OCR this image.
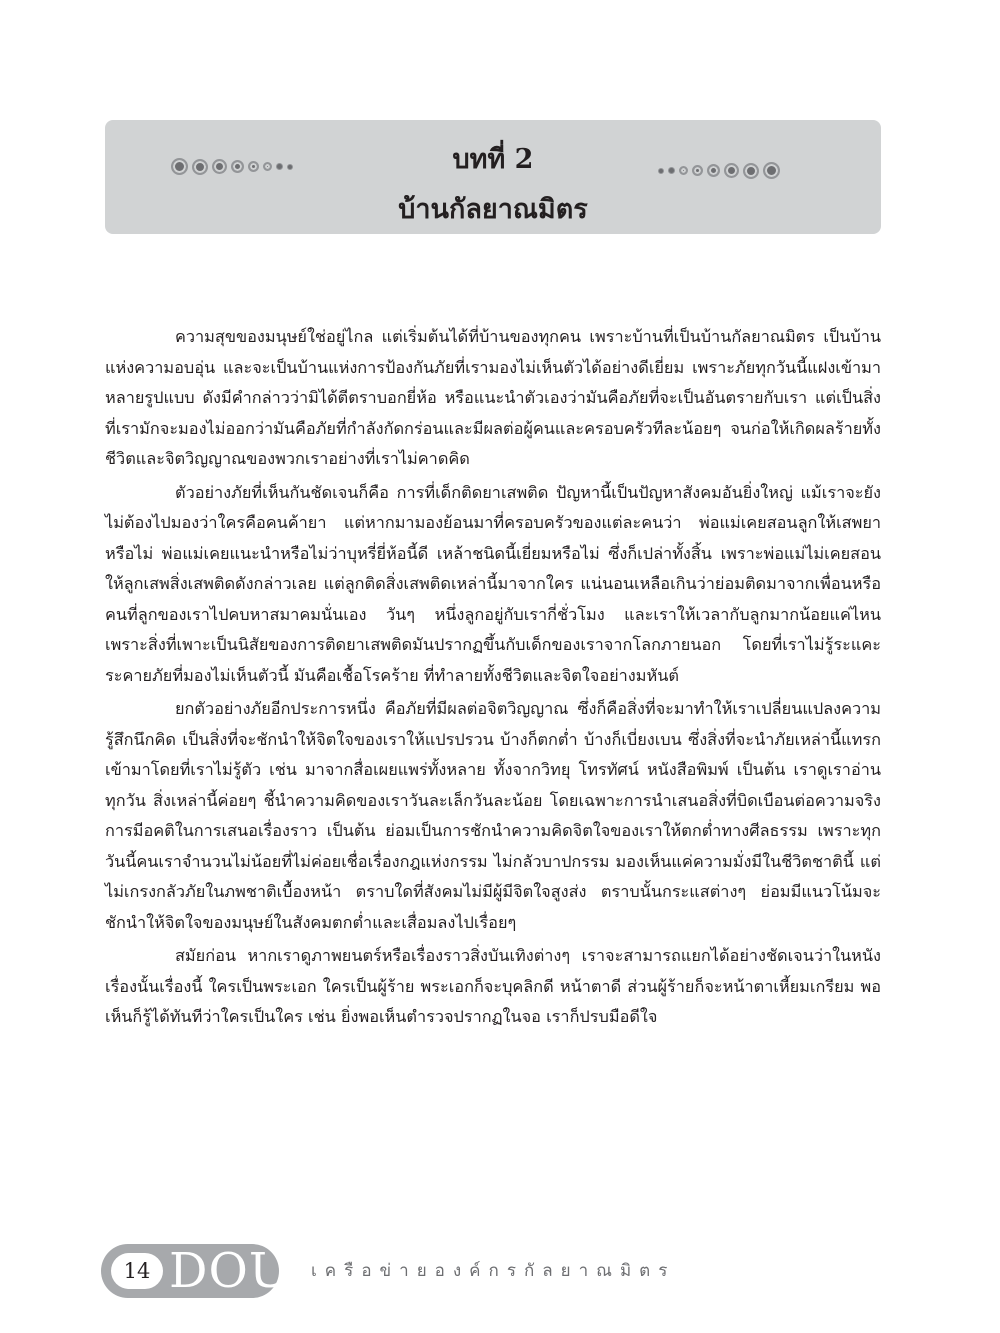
บทที่ 2
บ้านกัลยาณมิตร

ความสุขของมนุษย์ใช่อยู่ไกล แต่เริ่มต้นได้ที่บ้านของทุกคน เพราะบ้านที่เป็นบ้านกัลยาณมิตร เป็นบ้านแห่งความอบอุ่น และจะเป็นบ้านแห่งการป้องกันภัยที่เรามองไม่เห็นตัวได้อย่างดีเยี่ยม เพราะภัยทุกวันนี้แฝงเข้ามาหลายรูปแบบ ดังมีคำกล่าวว่ามิได้ตีตราบอกยี่ห้อ หรือแนะนำตัวเองว่ามันคือภัยที่จะเป็นอันตรายกับเรา แต่เป็นสิ่งที่เรามักจะมองไม่ออกว่ามันคือภัยที่กำลังกัดกร่อนและมีผลต่อผู้คนและครอบครัวทีละน้อยๆ จนก่อให้เกิดผลร้ายทั้งชีวิตและจิตวิญญาณของพวกเราอย่างที่เราไม่คาดคิด

ตัวอย่างภัยที่เห็นกันชัดเจนก็คือ การที่เด็กติดยาเสพติด ปัญหานี้เป็นปัญหาสังคมอันยิ่งใหญ่ แม้เราจะยังไม่ต้องไปมองว่าใครคือคนค้ายา แต่หากมามองย้อนมาที่ครอบครัวของแต่ละคนว่า พ่อแม่เคยสอนลูกให้เสพยาหรือไม่ พ่อแม่เคยแนะนำหรือไม่ว่าบุหรี่ยี่ห้อนี้ดี เหล้าชนิดนี้เยี่ยมหรือไม่ ซึ่งก็เปล่าทั้งสิ้น เพราะพ่อแม่ไม่เคยสอนให้ลูกเสพสิ่งเสพติดดังกล่าวเลย แต่ลูกติดสิ่งเสพติดเหล่านี้มาจากใคร แน่นอนเหลือเกินว่าย่อมติดมาจากเพื่อนหรือคนที่ลูกของเราไปคบหาสมาคมนั่นเอง วันๆ หนึ่งลูกอยู่กับเรากี่ชั่วโมง และเราให้เวลากับลูกมากน้อยแค่ไหน เพราะสิ่งที่เพาะเป็นนิสัยของการติดยาเสพติดมันปรากฏขึ้นกับเด็กของเราจากโลกภายนอก โดยที่เราไม่รู้ระแคะระคายภัยที่มองไม่เห็นตัวนี้ มันคือเชื้อโรคร้าย ที่ทำลายทั้งชีวิตและจิตใจอย่างมหันต์

ยกตัวอย่างภัยอีกประการหนึ่ง คือภัยที่มีผลต่อจิตวิญญาณ ซึ่งก็คือสิ่งที่จะมาทำให้เราเปลี่ยนแปลงความรู้สึกนึกคิด เป็นสิ่งที่จะชักนำให้จิตใจของเราให้แปรปรวน บ้างก็ตกต่ำ บ้างก็เบี่ยงเบน ซึ่งสิ่งที่จะนำภัยเหล่านี้แทรกเข้ามาโดยที่เราไม่รู้ตัว เช่น มาจากสื่อเผยแพร่ทั้งหลาย ทั้งจากวิทยุ โทรทัศน์ หนังสือพิมพ์ เป็นต้น เราดูเราอ่านทุกวัน สิ่งเหล่านี้ค่อยๆ ชี้นำความคิดของเราวันละเล็กวันละน้อย โดยเฉพาะการนำเสนอสิ่งที่บิดเบือนต่อความจริง การมีอคติในการเสนอเรื่องราว เป็นต้น ย่อมเป็นการชักนำความคิดจิตใจของเราให้ตกต่ำทางศีลธรรม เพราะทุกวันนี้คนเราจำนวนไม่น้อยที่ไม่ค่อยเชื่อเรื่องกฎแห่งกรรม ไม่กลัวบาปกรรม มองเห็นแค่ความมั่งมีในชีวิตชาตินี้ แต่ไม่เกรงกลัวภัยในภพชาติเบื้องหน้า ตราบใดที่สังคมไม่มีผู้มีจิตใจสูงส่ง ตราบนั้นกระแสต่างๆ ย่อมมีแนวโน้มจะชักนำให้จิตใจของมนุษย์ในสังคมตกต่ำและเสื่อมลงไปเรื่อยๆ

สมัยก่อน หากเราดูภาพยนตร์หรือเรื่องราวสิ่งบันเทิงต่างๆ เราจะสามารถแยกได้อย่างชัดเจนว่าในหนังเรื่องนั้นเรื่องนี้ ใครเป็นพระเอก ใครเป็นผู้ร้าย พระเอกก็จะบุคลิกดี หน้าตาดี ส่วนผู้ร้ายก็จะหน้าตาเหี้ยมเกรียม พอเห็นก็รู้ได้ทันทีว่าใครเป็นใคร เช่น ยิ่งพอเห็นตำรวจปรากฏในจอ เราก็ปรบมือดีใจ

14 DOU เครือข่ายองค์กรกัลยาณมิตร
